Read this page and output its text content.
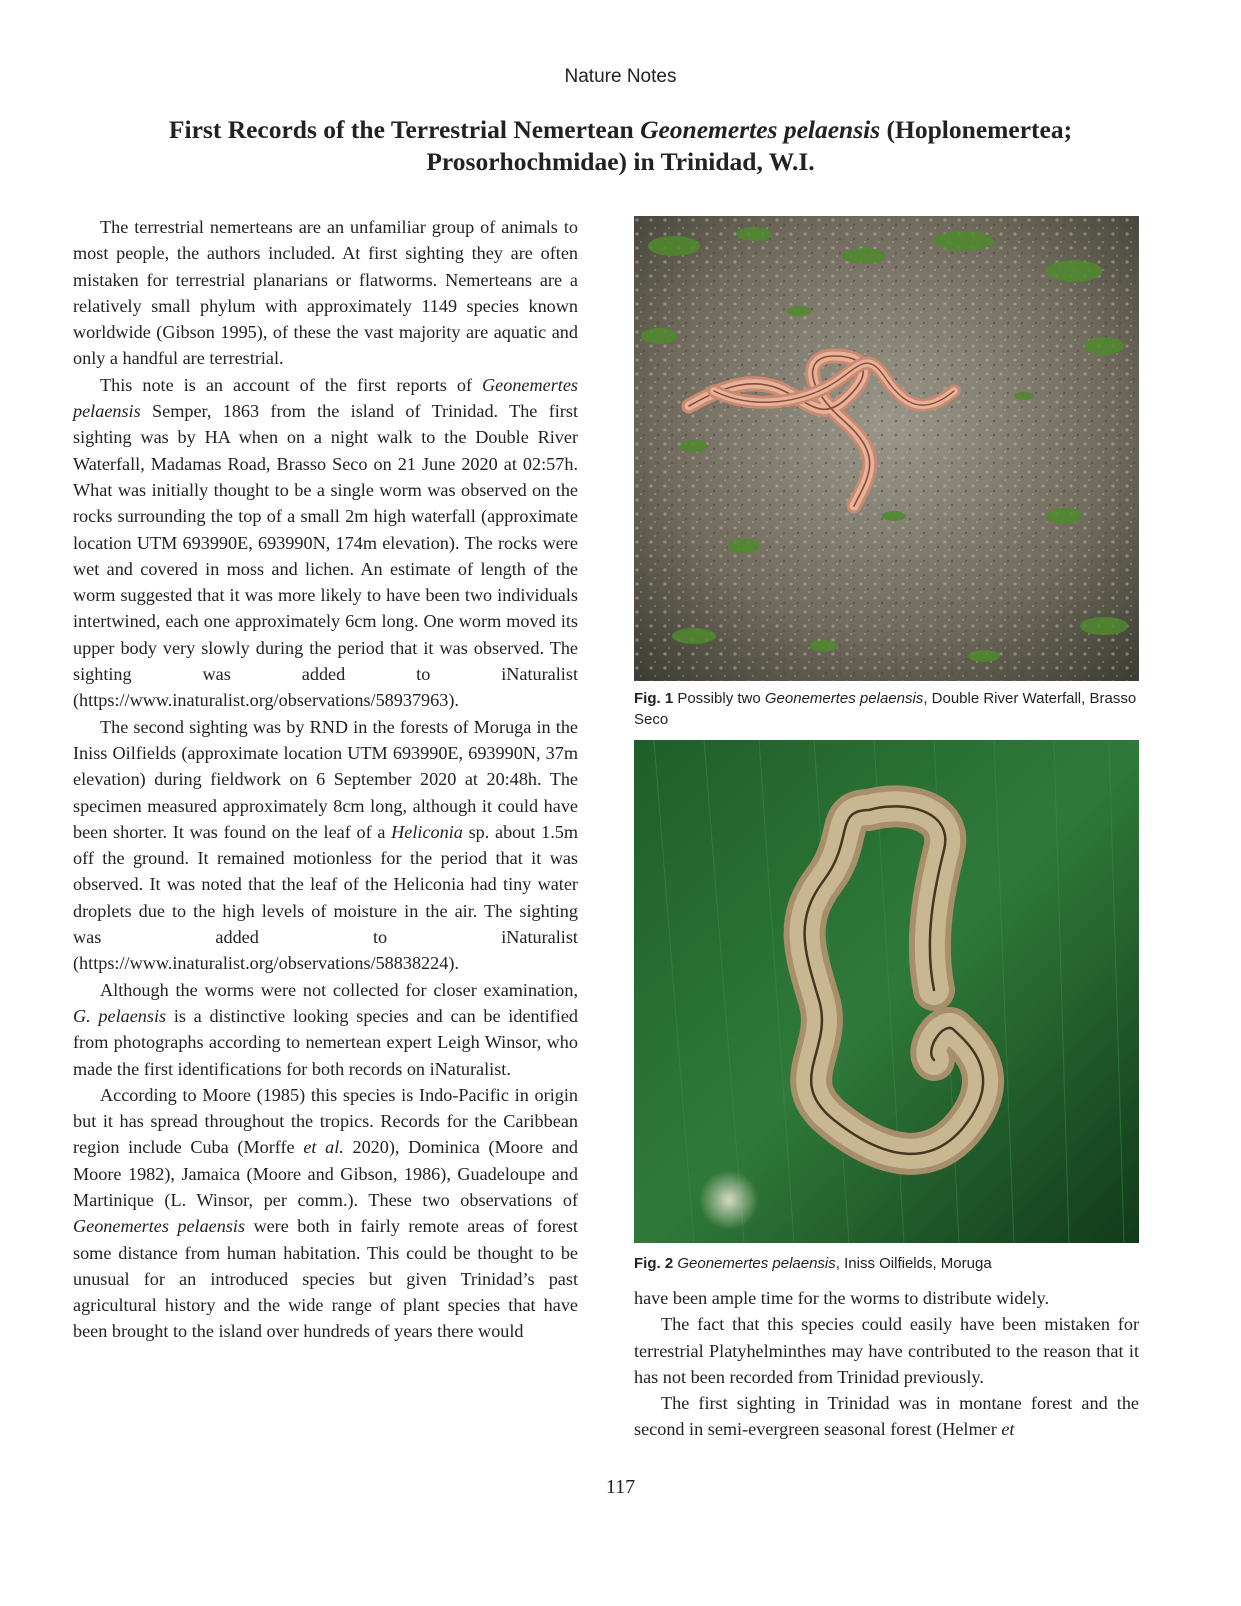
Nature Notes
First Records of the Terrestrial Nemertean Geonemertes pelaensis (Hoplonemertea;
Prosorhochmidae) in Trinidad, W.I.

The terrestrial nemerteans are an unfamiliar group of animals to most people, the authors included. At first sighting they are often mistaken for terrestrial planarians or flatworms. Nemerteans are a relatively small phylum with approximately 1149 species known worldwide (Gibson 1995), of these the vast majority are aquatic and only a handful are terrestrial.

This note is an account of the first reports of Geonemertes pelaensis Semper, 1863 from the island of Trinidad. The first sighting was by HA when on a night walk to the Double River Waterfall, Madamas Road, Brasso Seco on 21 June 2020 at 02:57h. What was initially thought to be a single worm was observed on the rocks surrounding the top of a small 2m high waterfall (approximate location UTM 693990E, 693990N, 174m elevation). The rocks were wet and covered in moss and lichen. An estimate of length of the worm suggested that it was more likely to have been two individuals intertwined, each one approximately 6cm long. One worm moved its upper body very slowly during the period that it was observed. The sighting was added to iNaturalist (https://www.inaturalist.org/observations/58937963).

The second sighting was by RND in the forests of Moruga in the Iniss Oilfields (approximate location UTM 693990E, 693990N, 37m elevation) during fieldwork on 6 September 2020 at 20:48h. The specimen measured approximately 8cm long, although it could have been shorter. It was found on the leaf of a Heliconia sp. about 1.5m off the ground. It remained motionless for the period that it was observed. It was noted that the leaf of the Heliconia had tiny water droplets due to the high levels of moisture in the air. The sighting was added to iNaturalist (https://www.inaturalist.org/observations/58838224).

Although the worms were not collected for closer examination, G. pelaensis is a distinctive looking species and can be identified from photographs according to nemertean expert Leigh Winsor, who made the first identifications for both records on iNaturalist.

According to Moore (1985) this species is Indo-Pacific in origin but it has spread throughout the tropics. Records for the Caribbean region include Cuba (Morffe et al. 2020), Dominica (Moore and Moore 1982), Jamaica (Moore and Gibson, 1986), Guadeloupe and Martinique (L. Winsor, per comm.). These two observations of Geonemertes pelaensis were both in fairly remote areas of forest some distance from human habitation. This could be thought to be unusual for an introduced species but given Trinidad’s past agricultural history and the wide range of plant species that have been brought to the island over hundreds of years there would

Fig. 1 Possibly two Geonemertes pelaensis, Double River Waterfall, Brasso Seco
Fig. 2 Geonemertes pelaensis, Iniss Oilfields, Moruga

have been ample time for the worms to distribute widely.

The fact that this species could easily have been mistaken for terrestrial Platyhelminthes may have contributed to the reason that it has not been recorded from Trinidad previously.

The first sighting in Trinidad was in montane forest and the second in semi-evergreen seasonal forest (Helmer et

117
